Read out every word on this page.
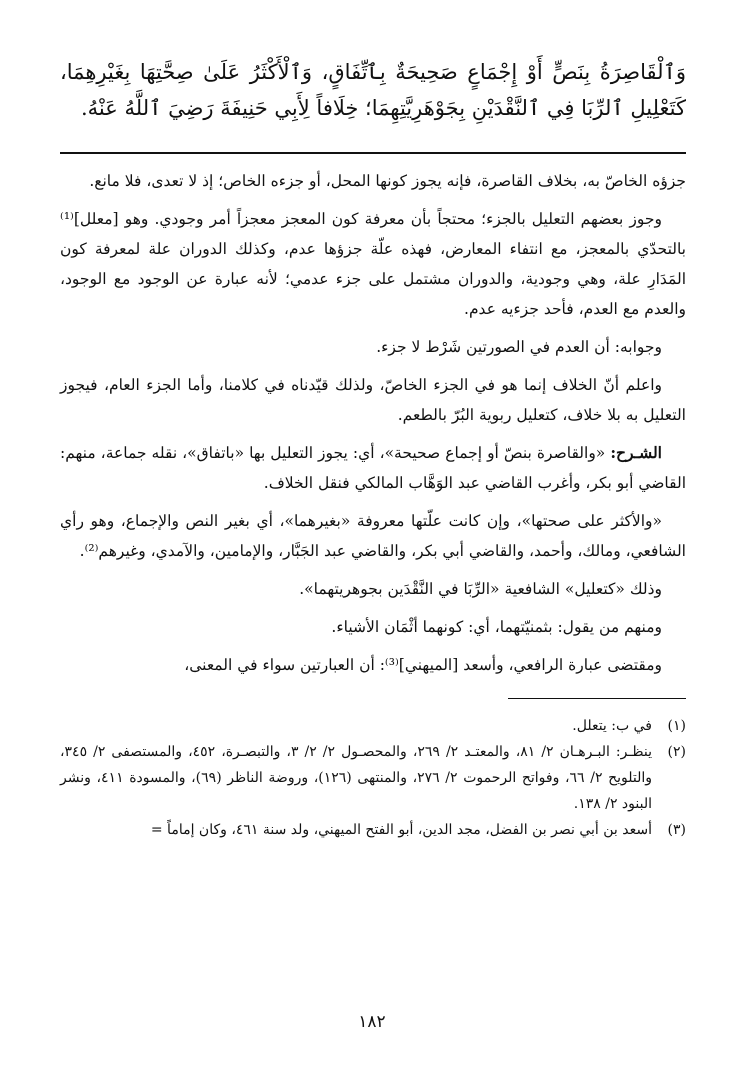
وَٱلْقَاصِرَةُ بِنَصٍّ أَوْ إِجْمَاعٍ صَحِيحَةٌ بِٱتِّفَاقٍ، وَٱلْأَكْثَرُ عَلَىٰ صِحَّتِهَا بِغَيْرِهِمَا، كَتَعْلِيلِ ٱلرِّبَا فِي ٱلنَّقْدَيْنِ بِجَوْهَرِيَّتِهِمَا؛ خِلَافاً لِأَبِي حَنِيفَةَ رَضِيَ ٱللَّهُ عَنْهُ.

جزؤه الخاصّ به، بخلاف القاصرة، فإنه يجوز كونها المحل، أو جزءه الخاص؛ إذ لا تعدى، فلا مانع.

وجوز بعضهم التعليل بالجزء؛ محتجاً بأن معرفة كون المعجز معجزاً أمر وجودي. وهو [معلل]⁽¹⁾ بالتحدّي بالمعجز، مع انتفاء المعارض، فهذه علّة جزؤها عدم، وكذلك الدوران علة لمعرفة كون المَدَارِ علة، وهي وجودية، والدوران مشتمل على جزء عدمي؛ لأنه عبارة عن الوجود مع الوجود، والعدم مع العدم، فأحد جزءيه عدم.

وجوابه: أن العدم في الصورتين شَرْط لا جزء.

واعلم أنّ الخلاف إنما هو في الجزء الخاصّ، ولذلك قيّدناه في كلامنا، وأما الجزء العام، فيجوز التعليل به بلا خلاف، كتعليل ربوية البُرّ بالطعم.

الشـرح: «والقاصرة بنصّ أو إجماع صحيحة»، أي: يجوز التعليل بها «باتفاق»، نقله جماعة، منهم: القاضي أبو بكر، وأغرب القاضي عبد الوَهَّاب المالكي فنقل الخلاف.

«والأكثر على صحتها»، وإن كانت علّتها معروفة «بغيرهما»، أي بغير النص والإجماع، وهو رأي الشافعي، ومالك، وأحمد، والقاضي أبي بكر، والقاضي عبد الجَبَّار، والإمامين، والآمدي، وغيرهم⁽²⁾.

وذلك «كتعليل» الشافعية «الرِّبَا في النَّقْدَين بجوهريتهما».

ومنهم من يقول: بثمنيّتهما، أي: كونهما أثْمَان الأشياء.

ومقتضى عبارة الرافعي، وأسعد [الميهني]⁽³⁾: أن العبارتين سواء في المعنى،

(١)
في ب: يتعلل.
(٢)
ينظـر: البـرهـان ٢/ ٨١، والمعتـد ٢/ ٢٦٩، والمحصـول ٢/ ٢/ ٣، والتبصـرة، ٤٥٢، والمستصفى ٢/ ٣٤٥، والتلويح ٢/ ٦٦، وفواتح الرحموت ٢/ ٢٧٦، والمنتهى (١٢٦)، وروضة الناظر (٦٩)، والمسودة ٤١١، ونشر البنود ٢/ ١٣٨.
(٣)
أسعد بن أبي نصر بن الفضل، مجد الدين، أبو الفتح الميهني، ولد سنة ٤٦١، وكان إماماً =
١٨٢
